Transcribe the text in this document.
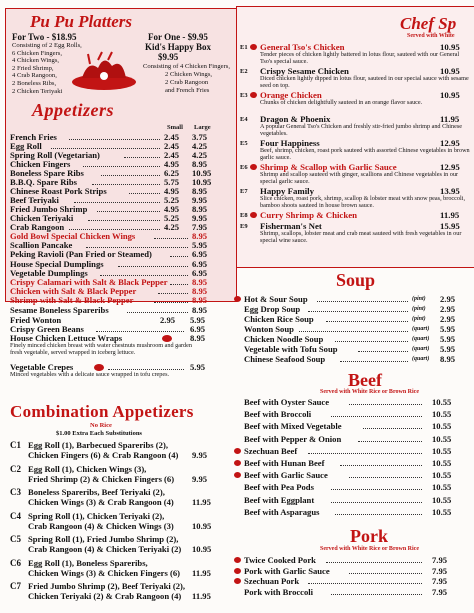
Pu Pu Platters
For Two - $18.95
Consisting of 2 Egg Rolls,
6 Chicken Fingers,
4 Chicken Wings,
2 Fried Shrimp,
4 Crab Rangoon,
2 Boneless Ribs,
2 Chicken Teriyaki
For One - $9.95
Kid's Happy Box
$9.95
Consisting of 4 Chicken Fingers,
2 Chicken Wings,
2 Crab Rangoon
and French Fries
Appetizers
Small Large
French Fries	2.45 3.75
Egg Roll	2.45 4.25
Spring Roll (Vegetarian)	2.45 4.25
Chicken Fingers	4.95 8.95
Boneless Spare Ribs	6.25 10.95
B.B.Q. Spare Ribs	5.75 10.95
Chinese Roast Pork Strips	4.95 8.95
Beef Teriyaki	5.25 9.95
Fried Jumbo Shrimp	4.95 8.95
Chicken Teriyaki	5.25 9.95
Crab Rangoon	4.25 7.95
Gold Bowl Special Chicken Wings	8.95
Scallion Pancake	5.95
Peking Ravioli (Pan Fried or Steamed)	6.95
House Special Dumplings	6.95
Vegetable Dumplings	6.95
Crispy Calamari with Salt & Black Pepper	8.95
Chicken with Salt & Black Pepper	8.95
Shrimp with Salt & Black Pepper	8.95
Sesame Boneless Spareribs	8.95
Fried Wonton	2.95 5.95
Crispy Green Beans	6.95
House Chicken Lettuce Wraps	8.95
Finely minced chicken breast with water chestnuts mushroom and garden fresh vegetable, served wrapped in iceberg lettuce.
Vegetable Crepes	5.95
Minced vegetables with a delicate sauce wrapped in tofu crepes.
Combination Appetizers
No Rice
$1.00 Extra Each Substitutions
C1 Egg Roll (1), Barbecued Spareribs (2),
Chicken Fingers (6) & Crab Rangoon (4) 9.95
C2 Egg Roll (1), Chicken Wings (3),
Fried Shrimp (2) & Chicken Fingers (6) 9.95
C3 Boneless Spareribs, Beef Teriyaki (2),
Chicken Wings (3) & Crab Rangoon (4) 11.95
C4 Spring Roll (1), Chicken Teriyaki (2),
Crab Rangoon (4) & Chicken Wings (3) 10.95
C5 Spring Roll (1), Fried Jumbo Shrimp (2),
Crab Rangoon (4) & Chicken Teriyaki (2) 10.95
C6 Egg Roll (1), Boneless Spareribs,
Chicken Wings (3) & Chicken Fingers (6) 11.95
C7 Fried Jumbo Shrimp (2), Beef Teriyaki (2),
Chicken Teriyaki (2) & Crab Rangoon (4) 11.95
Chef Sp
Served with White
E1 General Tso's Chicken	10.95
Tender pieces of chicken lightly battered in lotus flour, sauteed with our General Tso's special sauce.
E2 Crispy Sesame Chicken	10.95
Diced chicken lightly dipped in lotus flour, sauteed in our special sauce with sesame seed on top.
E3 Orange Chicken	10.95
Chunks of chicken delightfully sauteed in an orange flavor sauce.
E4 Dragon & Phoenix	11.95
A popular General Tso's Chicken and freshly stir-fried jumbo shrimp and Chinese vegetables.
E5 Four Happiness	12.95
Beef, shrimp, chicken, roast pork sauteed with assorted Chinese vegetables in brown garlic sauce.
E6 Shrimp & Scallop with Garlic Sauce	12.95
Shrimp and scallop sauteed with ginger, scallions and Chinese vegetables in our special garlic sauce.
E7 Happy Family	13.95
Slice chicken, roast pork, shrimp, scallop & lobster meat with snow peas, broccoli, bamboo shoots sauteed in house brown sauce.
E8 Curry Shrimp & Chicken	11.95
E9 Fisherman's Net	15.95
Shrimp, scallops, lobster meat and crab meat sauteed with fresh vegetables in our special wine sauce.
Soup
Hot & Sour Soup	(pint) 2.95
Egg Drop Soup	(pint) 2.95
Chicken Rice Soup	(pint) 2.95
Wonton Soup	(quart) 5.95
Chicken Noodle Soup	(quart) 5.95
Vegetable with Tofu Soup	(quart) 5.95
Chinese Seafood Soup	(quart) 8.95
Beef
Served with White Rice or Brown Rice
Beef with Oyster Sauce	10.55
Beef with Broccoli	10.55
Beef with Mixed Vegetable	10.55
Beef with Pepper & Onion	10.55
Szechuan Beef	10.55
Beef with Hunan Beef	10.55
Beef with Garlic Sauce	10.55
Beef with Pea Pods	10.55
Beef with Eggplant	10.55
Beef with Asparagus	10.55
Pork
Served with White Rice or Brown Rice
Twice Cooked Pork	7.95
Pork with Garlic Sauce	7.95
Szechuan Pork	7.95
Pork with Broccoli	7.95
